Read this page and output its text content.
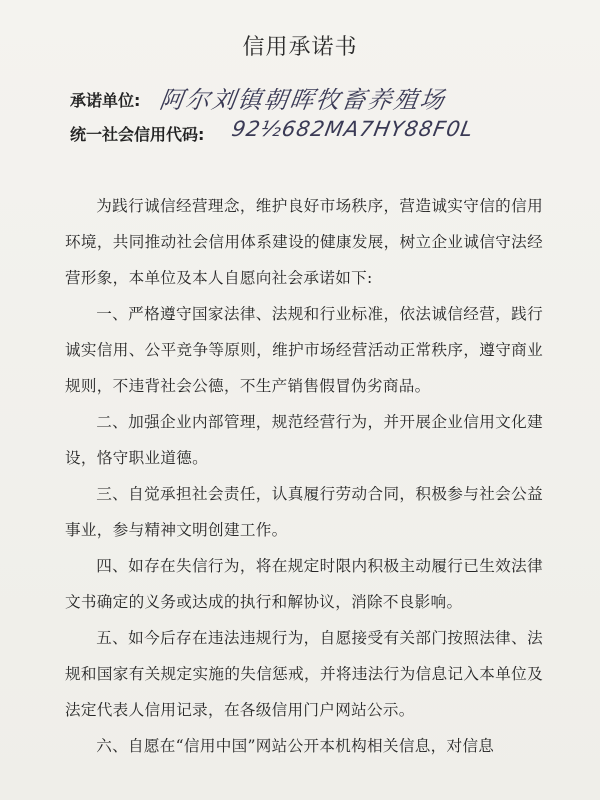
信用承诺书
承诺单位: 阿尔刘镇朝晖牧畜养殖场
统一社会信用代码: 92½682MA7HY88F0L

为践行诚信经营理念，维护良好市场秩序，营造诚实守信的信用环境，共同推动社会信用体系建设的健康发展，树立企业诚信守法经营形象，本单位及本人自愿向社会承诺如下:

一、严格遵守国家法律、法规和行业标准，依法诚信经营，践行诚实信用、公平竞争等原则，维护市场经营活动正常秩序，遵守商业规则，不违背社会公德，不生产销售假冒伪劣商品。

二、加强企业内部管理，规范经营行为，并开展企业信用文化建设，恪守职业道德。

三、自觉承担社会责任，认真履行劳动合同，积极参与社会公益事业，参与精神文明创建工作。

四、如存在失信行为，将在规定时限内积极主动履行已生效法律文书确定的义务或达成的执行和解协议，消除不良影响。

五、如今后存在违法违规行为，自愿接受有关部门按照法律、法规和国家有关规定实施的失信惩戒，并将违法行为信息记入本单位及法定代表人信用记录，在各级信用门户网站公示。

六、自愿在“信用中国”网站公开本机构相关信息，对信息
